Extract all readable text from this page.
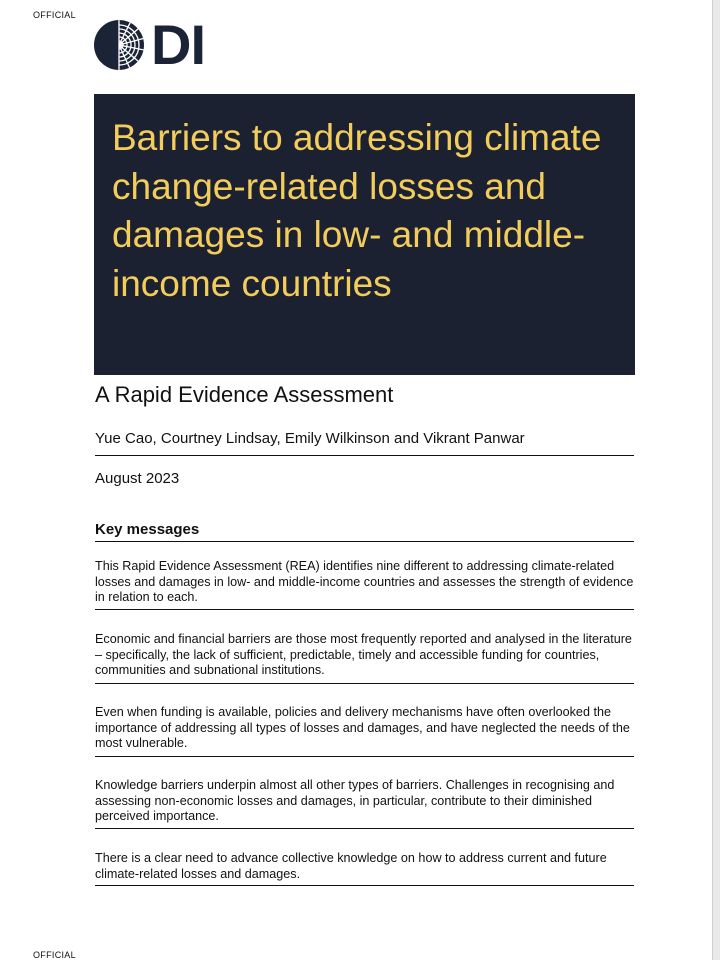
OFFICIAL DI
Barriers to addressing climate change-related losses and damages in low- and middle-income countries
A Rapid Evidence Assessment
Yue Cao, Courtney Lindsay, Emily Wilkinson and Vikrant Panwar
August 2023
Key messages
This Rapid Evidence Assessment (REA) identifies nine different to addressing climate-related losses and damages in low- and middle-income countries and assesses the strength of evidence in relation to each.
Economic and financial barriers are those most frequently reported and analysed in the literature – specifically, the lack of sufficient, predictable, timely and accessible funding for countries, communities and subnational institutions.
Even when funding is available, policies and delivery mechanisms have often overlooked the importance of addressing all types of losses and damages, and have neglected the needs of the most vulnerable.
Knowledge barriers underpin almost all other types of barriers. Challenges in recognising and assessing non-economic losses and damages, in particular, contribute to their diminished perceived importance.
There is a clear need to advance collective knowledge on how to address current and future climate-related losses and damages.
OFFICIAL
